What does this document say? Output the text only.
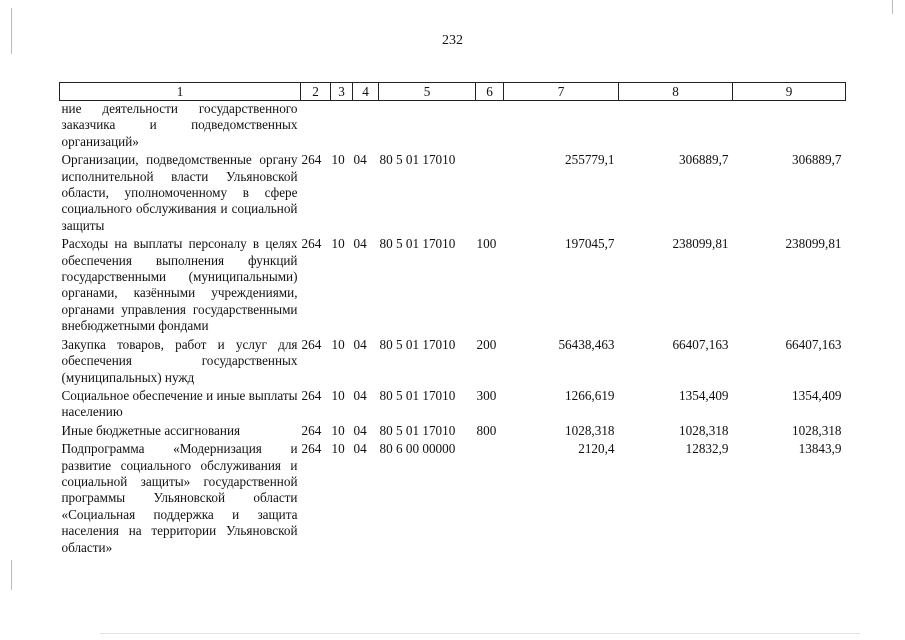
232
1	2	3	4	5	6	7	8	9
ние деятельности государственного заказчика и подведомственных организаций»								
Организации, подведомственные органу исполнительной власти Ульяновской области, уполномоченному в сфере социального обслуживания и социальной защиты	264	10	04	80 5 01 17010		255779,1	306889,7	306889,7
Расходы на выплаты персоналу в целях обеспечения выполнения функций государственными (муниципальными) органами, казёнными учреждениями, органами управления государственными внебюджетными фондами	264	10	04	80 5 01 17010	100	197045,7	238099,81	238099,81
Закупка товаров, работ и услуг для обеспечения государственных (муниципальных) нужд	264	10	04	80 5 01 17010	200	56438,463	66407,163	66407,163
Социальное обеспечение и иные выплаты населению	264	10	04	80 5 01 17010	300	1266,619	1354,409	1354,409
Иные бюджетные ассигнования	264	10	04	80 5 01 17010	800	1028,318	1028,318	1028,318
Подпрограмма «Модернизация и развитие социального обслуживания и социальной защиты» государственной программы Ульяновской области «Социальная поддержка и защита населения на территории Ульяновской области»	264	10	04	80 6 00 00000		2120,4	12832,9	13843,9
